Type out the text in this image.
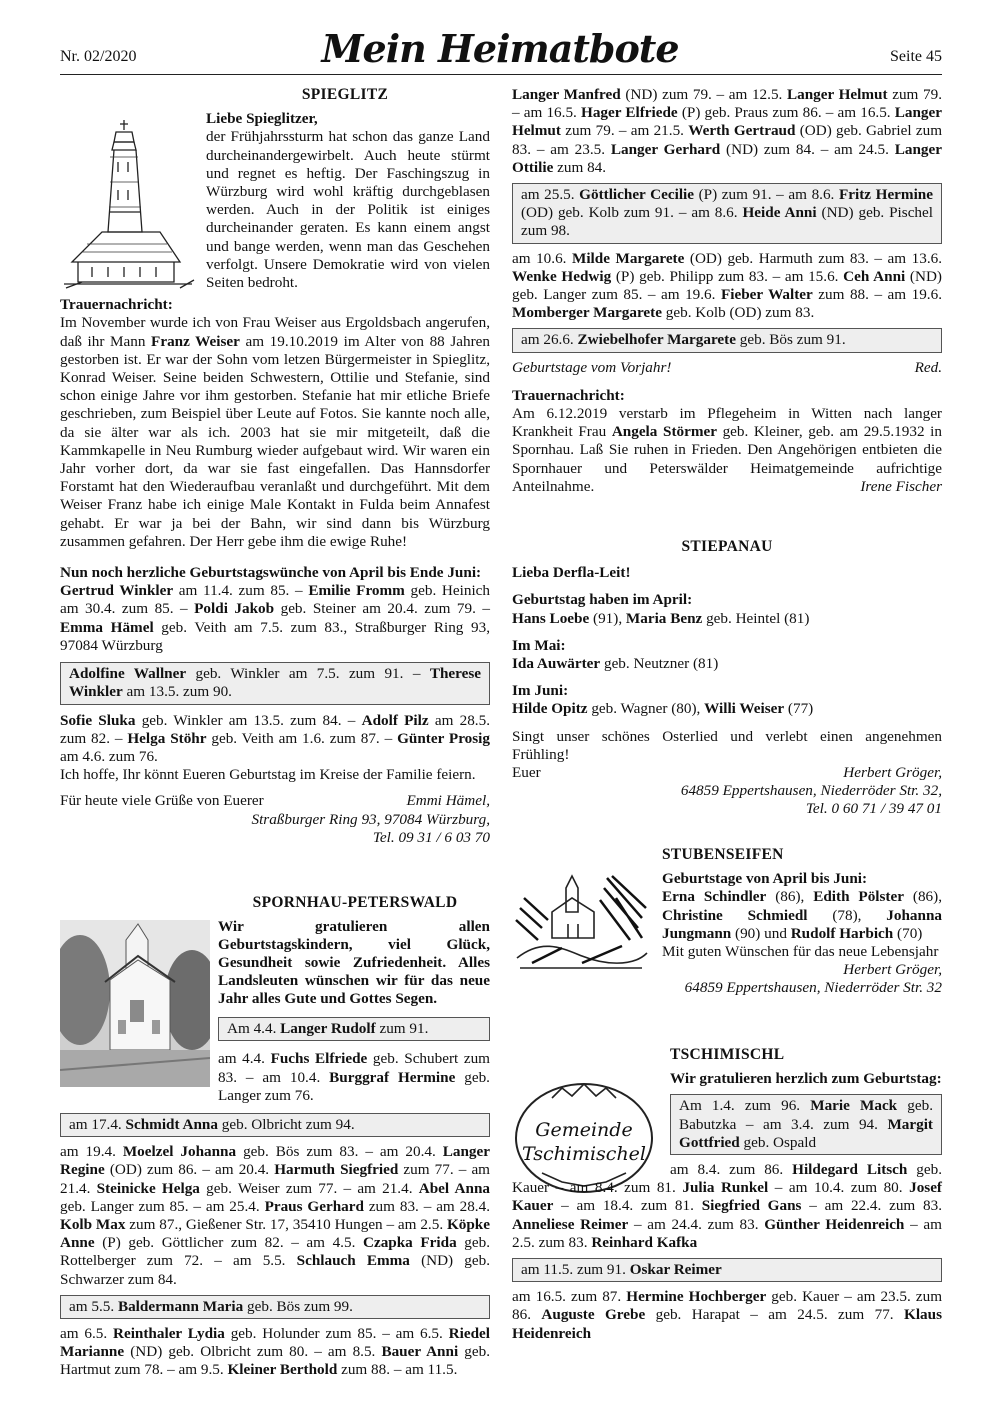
Nr. 02/2020	Mein Heimatbote	Seite 45
SPIEGLITZ

Liebe Spieglitzer,

der Frühjahrssturm hat schon das ganze Land durcheinandergewirbelt. Auch heute stürmt und regnet es heftig. Der Faschingszug in Würzburg wird wohl kräftig durchgeblasen werden. Auch in der Politik ist einiges durcheinander geraten. Es kann einem angst und bange werden, wenn man das Geschehen verfolgt. Unsere Demokratie wird von vielen Seiten bedroht.

Trauernachricht:

Im November wurde ich von Frau Weiser aus Ergoldsbach angerufen, daß ihr Mann Franz Weiser am 19.10.2019 im Alter von 88 Jahren gestorben ist. Er war der Sohn vom letzen Bürgermeister in Spieglitz, Konrad Weiser. Seine beiden Schwestern, Ottilie und Stefanie, sind schon einige Jahre vor ihm gestorben. Stefanie hat mir etliche Briefe geschrieben, zum Beispiel über Leute auf Fotos. Sie kannte noch alle, da sie älter war als ich. 2003 hat sie mir mitgeteilt, daß die Kammkapelle in Neu Rumburg wieder aufgebaut wird. Wir waren ein Jahr vorher dort, da war sie fast eingefallen. Das Hannsdorfer Forstamt hat den Wiederaufbau veranlaßt und durchgeführt. Mit dem Weiser Franz habe ich einige Male Kontakt in Fulda beim Annafest gehabt. Er war ja bei der Bahn, wir sind dann bis Würzburg zusammen gefahren. Der Herr gebe ihm die ewige Ruhe!

Nun noch herzliche Geburtstagswünche von April bis Ende Juni:

Gertrud Winkler am 11.4. zum 85. – Emilie Fromm geb. Heinich am 30.4. zum 85. – Poldi Jakob geb. Steiner am 20.4. zum 79. – Emma Hämel geb. Veith am 7.5. zum 83., Straßburger Ring 93, 97084 Würzburg

Adolfine Wallner geb. Winkler am 7.5. zum 91. – Therese Winkler am 13.5. zum 90.

Sofie Sluka geb. Winkler am 13.5. zum 84. – Adolf Pilz am 28.5. zum 82. – Helga Stöhr geb. Veith am 1.6. zum 87. – Günter Prosig am 4.6. zum 76.

Ich hoffe, Ihr könnt Eueren Geburtstag im Kreise der Familie feiern.

Für heute viele Grüße von Euerer	Emmi Hämel,

Straßburger Ring 93, 97084 Würzburg,

Tel. 09 31 / 6 03 70

SPORNHAU-PETERSWALD

Wir gratulieren allen Geburtstagskindern, viel Glück, Gesundheit sowie Zufriedenheit. Alles Landsleuten wünschen wir für das neue Jahr alles Gute und Gottes Segen.

Am 4.4. Langer Rudolf zum 91.

am 4.4. Fuchs Elfriede geb. Schubert zum 83. – am 10.4. Burggraf Hermine geb. Langer zum 76.

am 17.4. Schmidt Anna geb. Olbricht zum 94.

am 19.4. Moelzel Johanna geb. Bös zum 83. – am 20.4. Langer Regine (OD) zum 86. – am 20.4. Harmuth Siegfried zum 77. – am 21.4. Steinicke Helga geb. Weiser zum 77. – am 21.4. Abel Anna geb. Langer zum 85. – am 25.4. Praus Gerhard zum 83. – am 28.4. Kolb Max zum 87., Gießener Str. 17, 35410 Hungen – am 2.5. Köpke Anne (P) geb. Göttlicher zum 82. – am 4.5. Czapka Frida geb. Rottelberger zum 72. – am 5.5. Schlauch Emma (ND) geb. Schwarzer zum 84.

am 5.5. Baldermann Maria geb. Bös zum 99.

am 6.5. Reinthaler Lydia geb. Holunder zum 85. – am 6.5. Riedel Marianne (ND) geb. Olbricht zum 80. – am 8.5. Bauer Anni geb. Hartmut zum 78. – am 9.5. Kleiner Berthold zum 88. – am 11.5.

Langer Manfred (ND) zum 79. – am 12.5. Langer Helmut zum 79. – am 16.5. Hager Elfriede (P) geb. Praus zum 86. – am 16.5. Langer Helmut zum 79. – am 21.5. Werth Gertraud (OD) geb. Gabriel zum 83. – am 23.5. Langer Gerhard (ND) zum 84. – am 24.5. Langer Ottilie zum 84.

am 25.5. Göttlicher Cecilie (P) zum 91. – am 8.6. Fritz Hermine (OD) geb. Kolb zum 91. – am 8.6. Heide Anni (ND) geb. Pischel zum 98.

am 10.6. Milde Margarete (OD) geb. Harmuth zum 83. – am 13.6. Wenke Hedwig (P) geb. Philipp zum 83. – am 15.6. Ceh Anni (ND) geb. Langer zum 85. – am 19.6. Fieber Walter zum 88. – am 19.6. Momberger Margarete geb. Kolb (OD) zum 83.

am 26.6. Zwiebelhofer Margarete geb. Bös zum 91.

Geburtstage vom Vorjahr!	Red.

Trauernachricht:

Am 6.12.2019 verstarb im Pflegeheim in Witten nach langer Krankheit Frau Angela Störmer geb. Kleiner, geb. am 29.5.1932 in Spornhau. Laß Sie ruhen in Frieden. Den Angehörigen entbieten die Spornhauer und Peterswälder Heimatgemeinde aufrichtige Anteilnahme.	Irene Fischer

STIEPANAU

Lieba Derfla-Leit!

Geburtstag haben im April:

Hans Loebe (91), Maria Benz geb. Heintel (81)

Im Mai:

Ida Auwärter geb. Neutzner (81)

Im Juni:

Hilde Opitz geb. Wagner (80), Willi Weiser (77)

Singt unser schönes Osterlied und verlebt einen angenehmen Frühling!

Euer	Herbert Gröger,

64859 Eppertshausen, Niederröder Str. 32,

Tel. 0 60 71 / 39 47 01

STUBENSEIFEN

Geburtstage von April bis Juni:

Erna Schindler (86), Edith Pölster (86), Christine Schmiedl (78), Johanna Jungmann (90) und Rudolf Harbich (70)

Mit guten Wünschen für das neue Lebensjahr

Herbert Gröger,

64859 Eppertshausen, Niederröder Str. 32

Gemeinde
Tschimischel
TSCHIMISCHL

Wir gratulieren herzlich zum Geburtstag:

Am 1.4. zum 96. Marie Mack geb. Babutzka – am 3.4. zum 94. Margit Gottfried geb. Ospald

am 8.4. zum 86. Hildegard Litsch geb. Kauer – am 8.4. zum 81. Julia Runkel – am 10.4. zum 80. Josef Kauer – am 18.4. zum 81. Siegfried Gans – am 22.4. zum 83. Anneliese Reimer – am 24.4. zum 83. Günther Heidenreich – am 2.5. zum 83. Reinhard Kafka

am 11.5. zum 91. Oskar Reimer

am 16.5. zum 87. Hermine Hochberger geb. Kauer – am 23.5. zum 86. Auguste Grebe geb. Harapat – am 24.5. zum 77. Klaus Heidenreich
